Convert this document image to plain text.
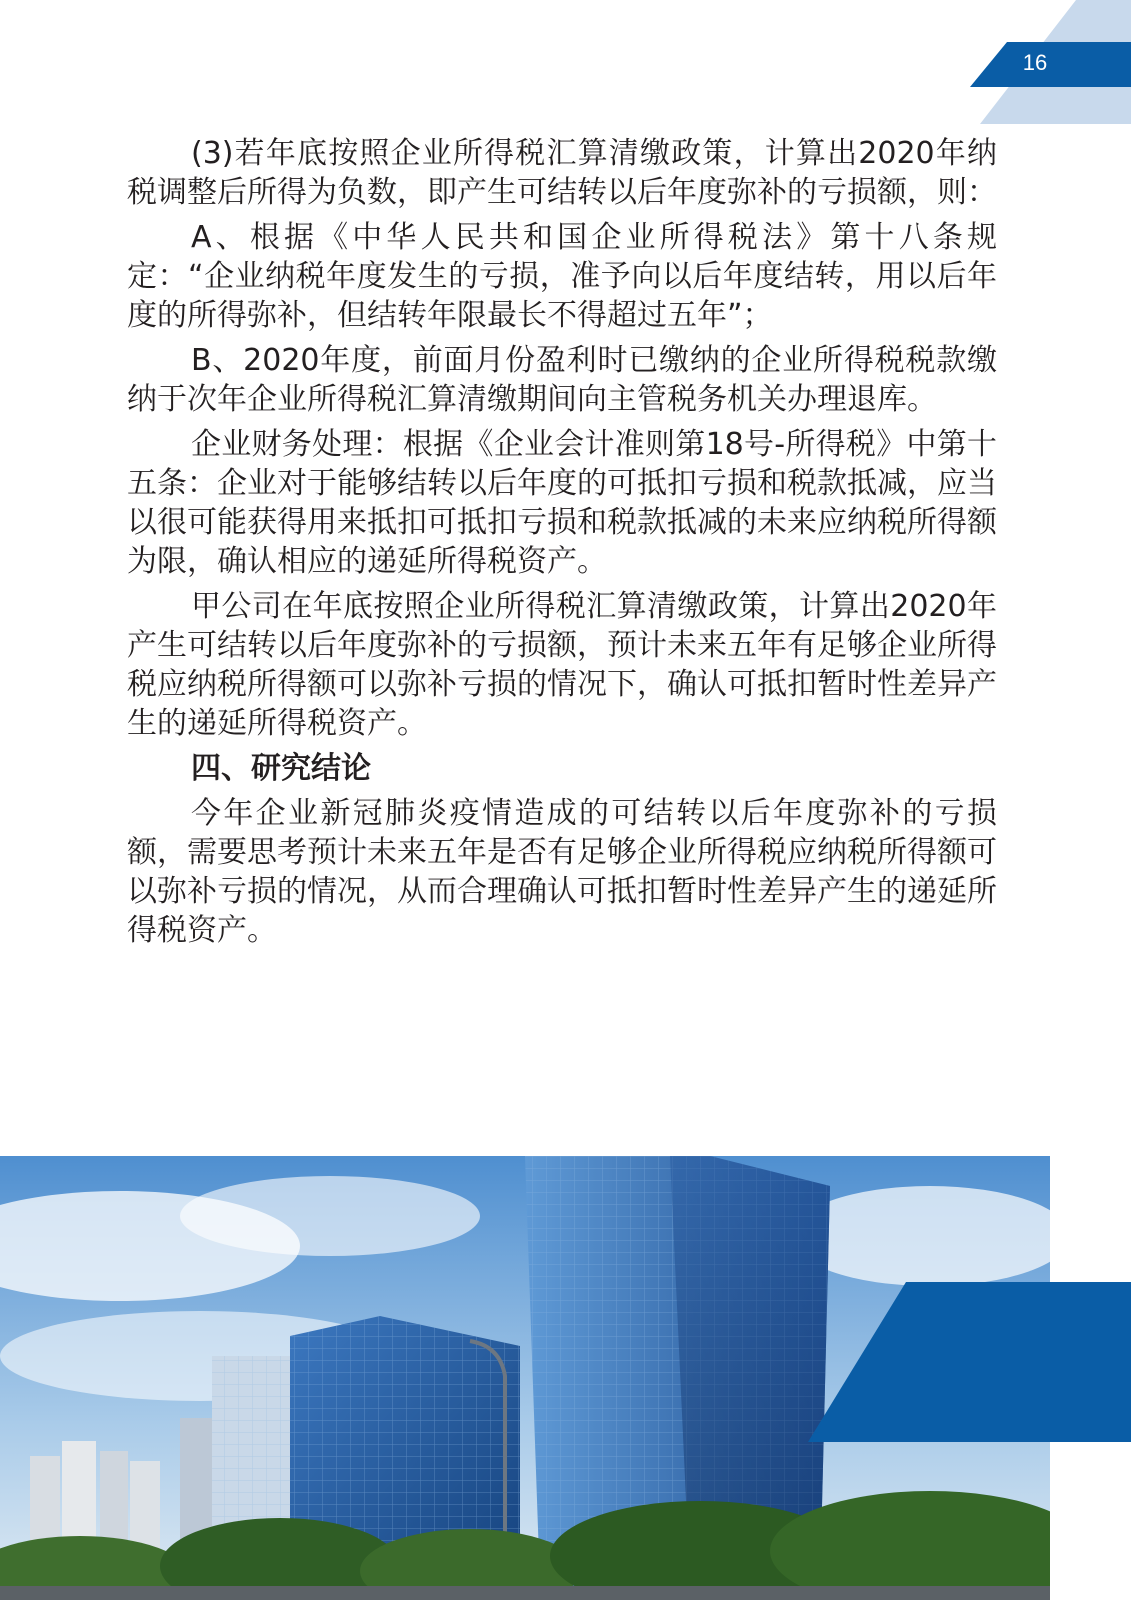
16

(3)若年底按照企业所得税汇算清缴政策，计算出2020年纳税调整后所得为负数，即产生可结转以后年度弥补的亏损额，则：

A、根据《中华人民共和国企业所得税法》第十八条规定：“企业纳税年度发生的亏损，准予向以后年度结转，用以后年度的所得弥补，但结转年限最长不得超过五年”；

B、2020年度，前面月份盈利时已缴纳的企业所得税税款缴纳于次年企业所得税汇算清缴期间向主管税务机关办理退库。

企业财务处理：根据《企业会计准则第18号-所得税》中第十五条：企业对于能够结转以后年度的可抵扣亏损和税款抵减，应当以很可能获得用来抵扣可抵扣亏损和税款抵减的未来应纳税所得额为限，确认相应的递延所得税资产。

甲公司在年底按照企业所得税汇算清缴政策，计算出2020年产生可结转以后年度弥补的亏损额，预计未来五年有足够企业所得税应纳税所得额可以弥补亏损的情况下，确认可抵扣暂时性差异产生的递延所得税资产。

四、研究结论

今年企业新冠肺炎疫情造成的可结转以后年度弥补的亏损额，需要思考预计未来五年是否有足够企业所得税应纳税所得额可以弥补亏损的情况，从而合理确认可抵扣暂时性差异产生的递延所得税资产。
